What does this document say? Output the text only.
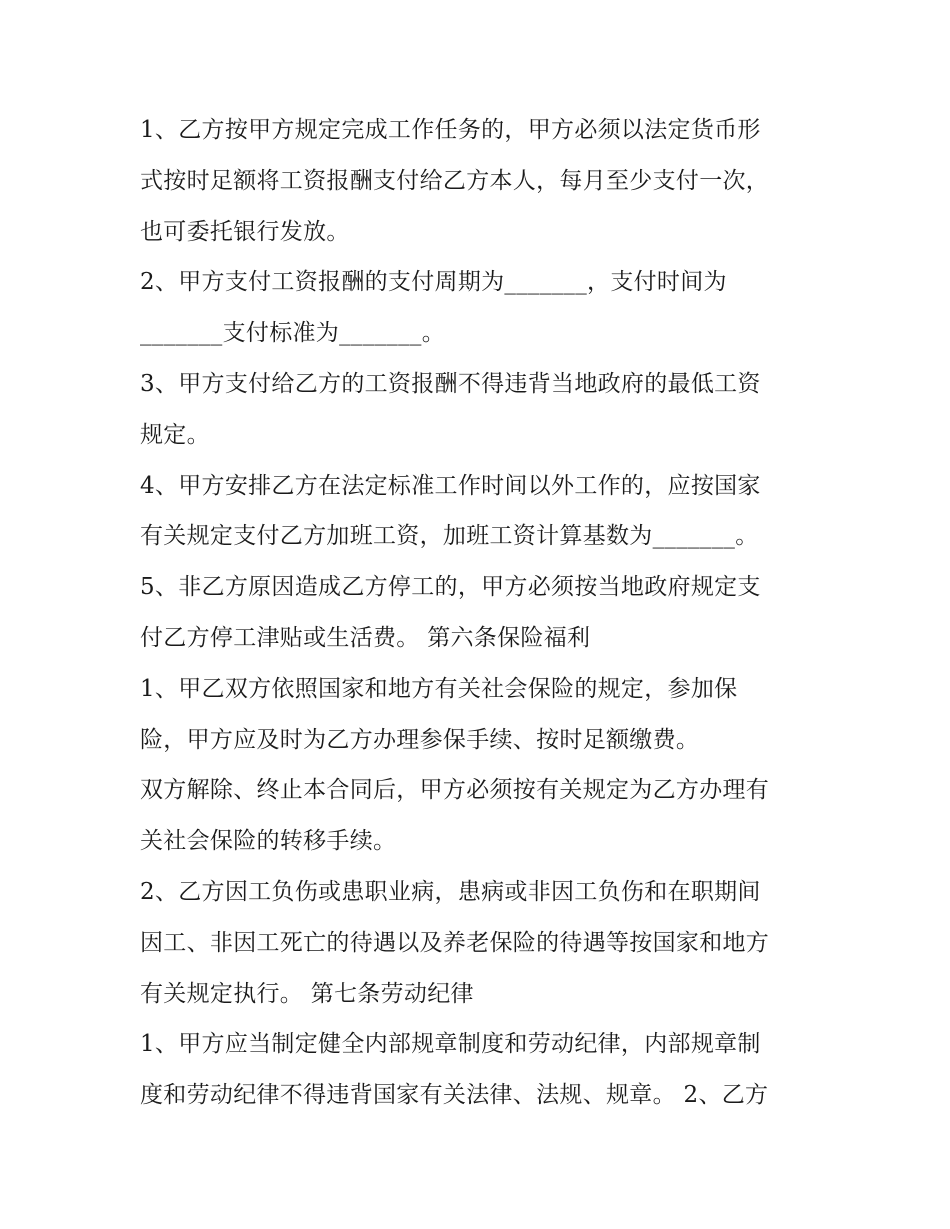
1、乙方按甲方规定完成工作任务的，甲方必须以法定货币形
式按时足额将工资报酬支付给乙方本人，每月至少支付一次，
也可委托银行发放。
2、甲方支付工资报酬的支付周期为_______，支付时间为
_______支付标准为_______。
3、甲方支付给乙方的工资报酬不得违背当地政府的最低工资
规定。
4、甲方安排乙方在法定标准工作时间以外工作的，应按国家
有关规定支付乙方加班工资，加班工资计算基数为_______。
5、非乙方原因造成乙方停工的，甲方必须按当地政府规定支
付乙方停工津贴或生活费。 第六条保险福利
1、甲乙双方依照国家和地方有关社会保险的规定，参加保
险，甲方应及时为乙方办理参保手续、按时足额缴费。
双方解除、终止本合同后，甲方必须按有关规定为乙方办理有
关社会保险的转移手续。
2、乙方因工负伤或患职业病，患病或非因工负伤和在职期间
因工、非因工死亡的待遇以及养老保险的待遇等按国家和地方
有关规定执行。 第七条劳动纪律
1、甲方应当制定健全内部规章制度和劳动纪律，内部规章制
度和劳动纪律不得违背国家有关法律、法规、规章。 2、乙方
